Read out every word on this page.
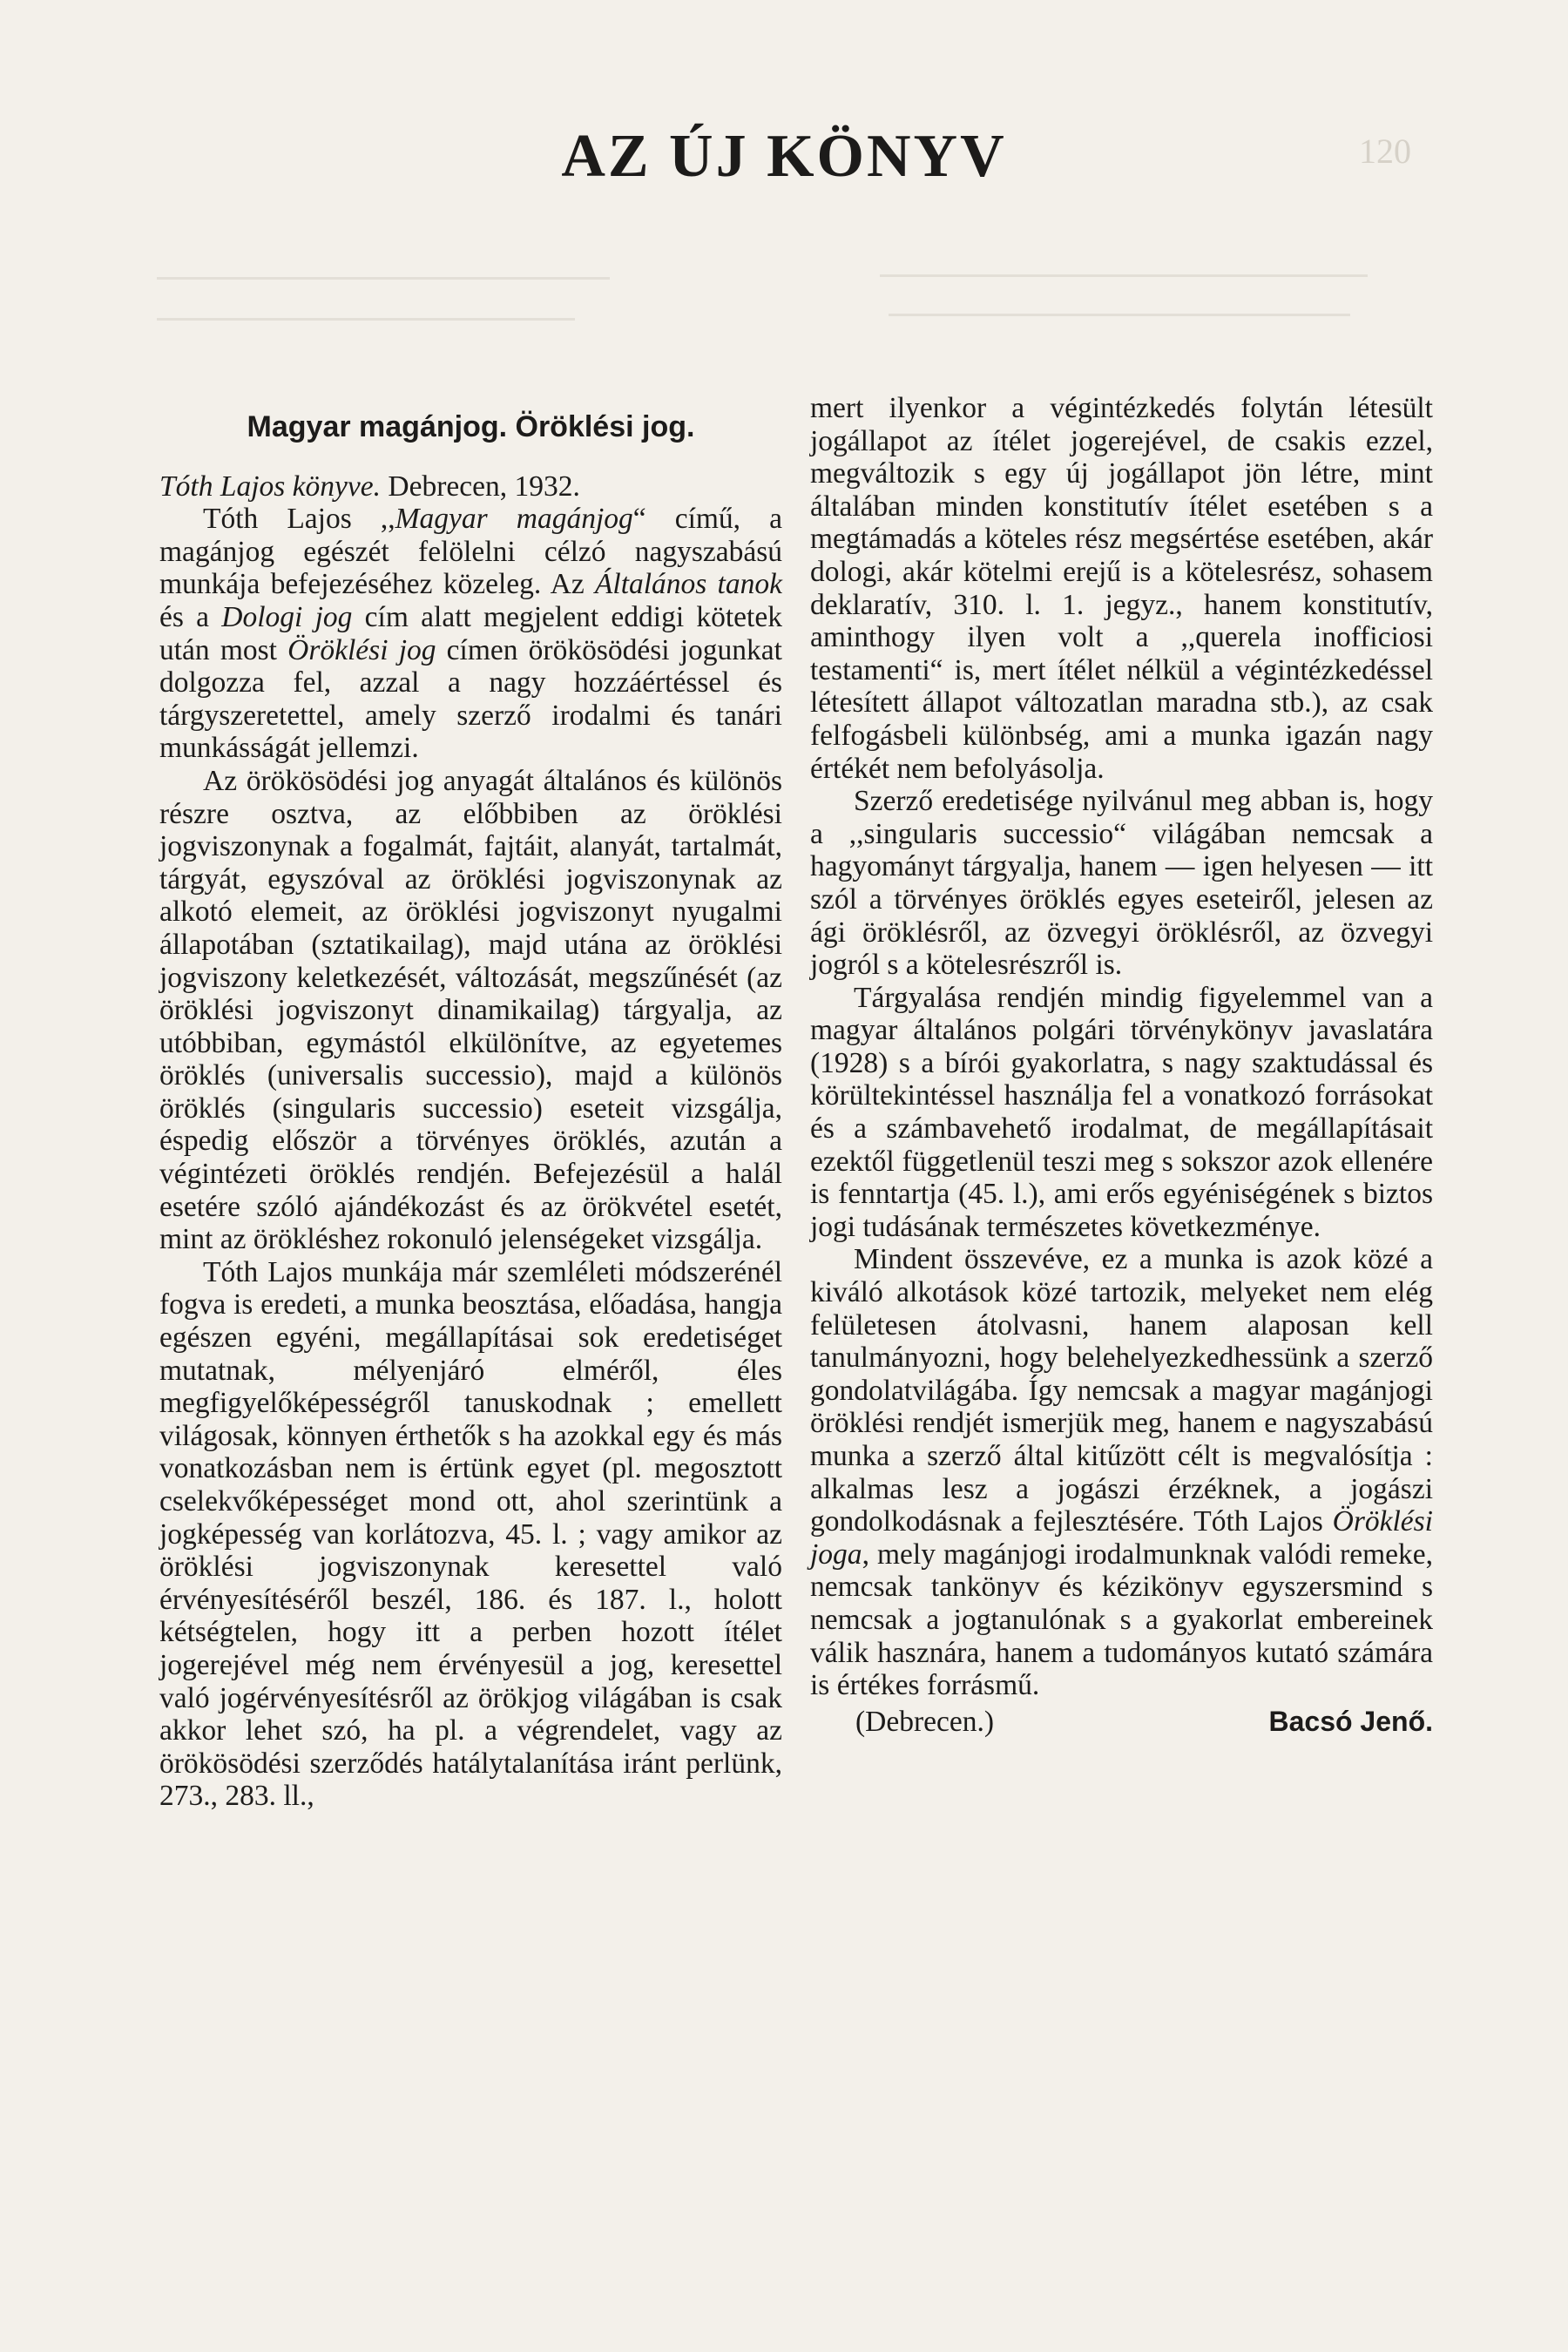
120
AZ ÚJ KÖNYV
Magyar magánjog. Öröklési jog.

Tóth Lajos könyve. Debrecen, 1932.

Tóth Lajos ,,Magyar magánjog“ című, a magánjog egészét felölelni célzó nagyszabású munkája befejezéséhez közeleg. Az Általános tanok és a Dologi jog cím alatt megjelent eddigi kötetek után most Öröklési jog címen örökösödési jogunkat dolgozza fel, azzal a nagy hozzáértéssel és tárgyszeretettel, amely szerző irodalmi és tanári munkásságát jellemzi.

Az örökösödési jog anyagát általános és különös részre osztva, az előbbiben az öröklési jogviszonynak a fogalmát, fajtáit, alanyát, tartalmát, tárgyát, egyszóval az öröklési jogviszonynak az alkotó elemeit, az öröklési jogviszonyt nyugalmi állapotában (sztatikailag), majd utána az öröklési jogviszony keletkezését, változását, megszűnését (az öröklési jogviszonyt dinamikailag) tárgyalja, az utóbbiban, egymástól elkülönítve, az egyetemes öröklés (universalis successio), majd a különös öröklés (singularis successio) eseteit vizsgálja, éspedig először a törvényes öröklés, azután a végintézeti öröklés rendjén. Befejezésül a halál esetére szóló ajándékozást és az örökvétel esetét, mint az örökléshez rokonuló jelenségeket vizsgálja.

Tóth Lajos munkája már szemléleti módszerénél fogva is eredeti, a munka beosztása, előadása, hangja egészen egyéni, megállapításai sok eredetiséget mutatnak, mélyenjáró elméről, éles megfigyelőképességről tanuskodnak ; emellett világosak, könnyen érthetők s ha azokkal egy és más vonatkozásban nem is értünk egyet (pl. megosztott cselekvőképességet mond ott, ahol szerintünk a jogképesség van korlátozva, 45. l. ; vagy amikor az öröklési jogviszonynak keresettel való érvényesítéséről beszél, 186. és 187. l., holott kétségtelen, hogy itt a perben hozott ítélet jogerejével még nem érvényesül a jog, keresettel való jogérvényesítésről az örökjog világában is csak akkor lehet szó, ha pl. a végrendelet, vagy az örökösödési szerződés hatálytalanítása iránt perlünk, 273., 283. ll.,

mert ilyenkor a végintézkedés folytán létesült jogállapot az ítélet jogerejével, de csakis ezzel, megváltozik s egy új jogállapot jön létre, mint általában minden konstitutív ítélet esetében s a megtámadás a köteles rész megsértése esetében, akár dologi, akár kötelmi erejű is a kötelesrész, sohasem deklaratív, 310. l. 1. jegyz., hanem konstitutív, aminthogy ilyen volt a ,,querela inofficiosi testamenti“ is, mert ítélet nélkül a végintézkedéssel létesített állapot változatlan maradna stb.), az csak felfogásbeli különbség, ami a munka igazán nagy értékét nem befolyásolja.

Szerző eredetisége nyilvánul meg abban is, hogy a ,,singularis successio“ világában nemcsak a hagyományt tárgyalja, hanem — igen helyesen — itt szól a törvényes öröklés egyes eseteiről, jelesen az ági öröklésről, az özvegyi öröklésről, az özvegyi jogról s a kötelesrészről is.

Tárgyalása rendjén mindig figyelemmel van a magyar általános polgári törvénykönyv javaslatára (1928) s a bírói gyakorlatra, s nagy szaktudással és körültekintéssel használja fel a vonatkozó forrásokat és a számbavehető irodalmat, de megállapításait ezektől függetlenül teszi meg s sokszor azok ellenére is fenntartja (45. l.), ami erős egyéniségének s biztos jogi tudásának természetes következménye.

Mindent összevéve, ez a munka is azok közé a kiváló alkotások közé tartozik, melyeket nem elég felületesen átolvasni, hanem alaposan kell tanulmányozni, hogy belehelyezkedhessünk a szerző gondolatvilágába. Így nemcsak a magyar magánjogi öröklési rendjét ismerjük meg, hanem e nagyszabású munka a szerző által kitűzött célt is megvalósítja : alkalmas lesz a jogászi érzéknek, a jogászi gondolkodásnak a fejlesztésére. Tóth Lajos Öröklési joga, mely magánjogi irodalmunknak valódi remeke, nemcsak tankönyv és kézikönyv egyszersmind s nemcsak a jogtanulónak s a gyakorlat embereinek válik hasznára, hanem a tudományos kutató számára is értékes forrásmű.

(Debrecen.)	Bacsó Jenő.
